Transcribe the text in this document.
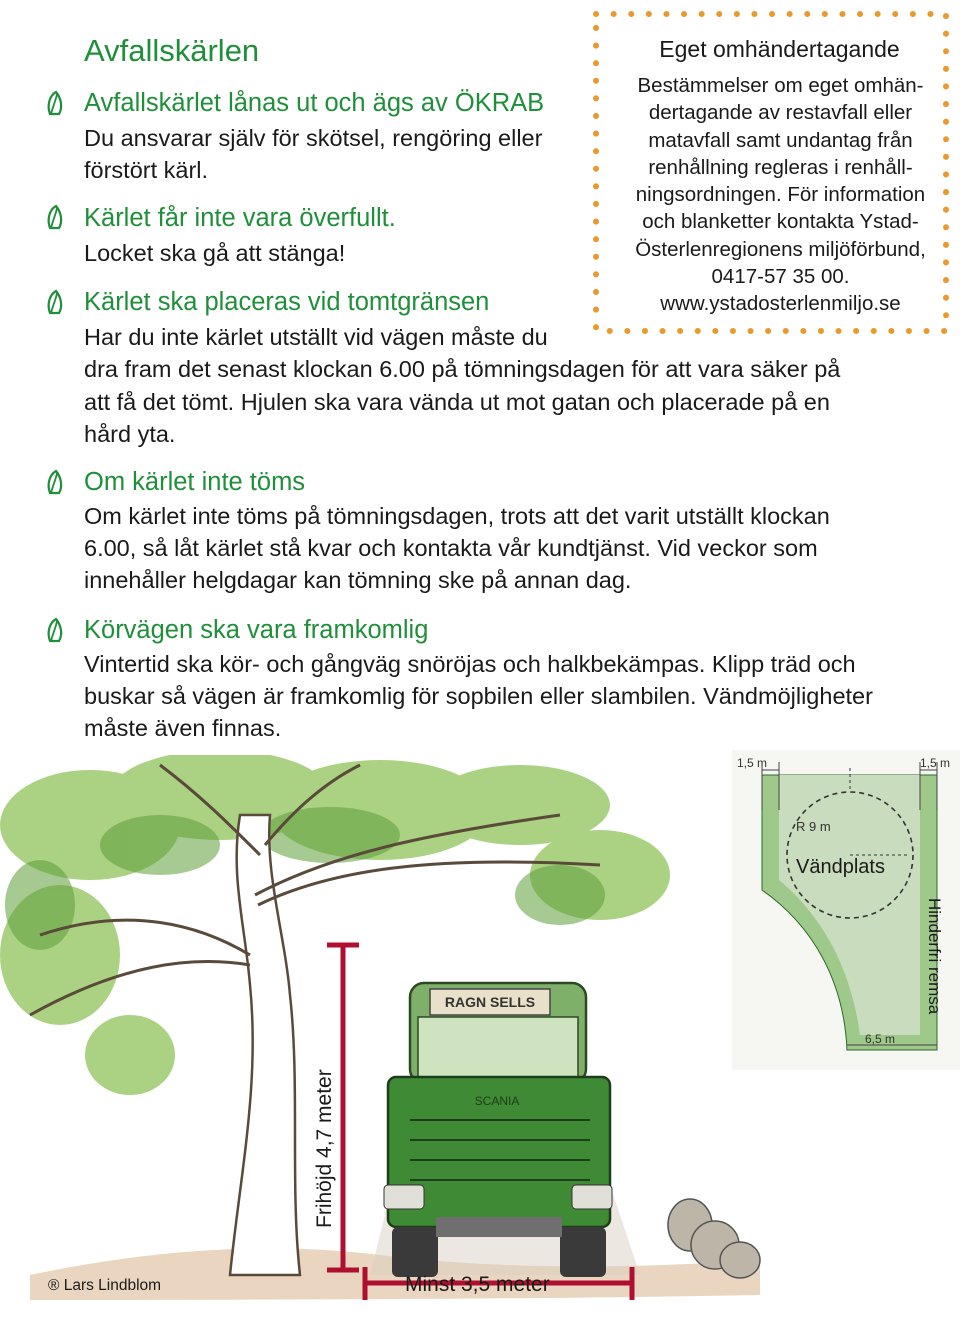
Avfallskärlen
Avfallskärlet lånas ut och ägs av ÖKRAB
Du ansvarar själv för skötsel, rengöring eller
förstört kärl.
Kärlet får inte vara överfullt.
Locket ska gå att stänga!
Kärlet ska placeras vid tomtgränsen
Har du inte kärlet utställt vid vägen måste du
dra fram det senast klockan 6.00 på tömningsdagen för att vara säker på
att få det tömt. Hjulen ska vara vända ut mot gatan och placerade på en
hård yta.
Om kärlet inte töms
Om kärlet inte töms på tömningsdagen, trots att det varit utställt klockan
6.00, så låt kärlet stå kvar och kontakta vår kundtjänst. Vid veckor som
innehåller helgdagar kan tömning ske på annan dag.
Körvägen ska vara framkomlig
Vintertid ska kör- och gångväg snöröjas och halkbekämpas. Klipp träd och
buskar så vägen är framkomlig för sopbilen eller slambilen. Vändmöjligheter
måste även finnas.
Eget omhändertagande
Bestämmelser om eget omhän-
dertagande av restavfall eller
matavfall samt undantag från
renhållning regleras i renhåll-
ningsordningen. För information
och blanketter kontakta Ystad-
Österlenregionens miljöförbund,
0417-57 35 00.
www.ystadosterlenmiljo.se
RAGN SELLS
SCANIA
Frihöjd 4,7 meter
Minst 3,5 meter
1,5 m	1,5 m
R 9 m
Vändplats
Hinderfri remsa
6,5 m
® Lars Lindblom
